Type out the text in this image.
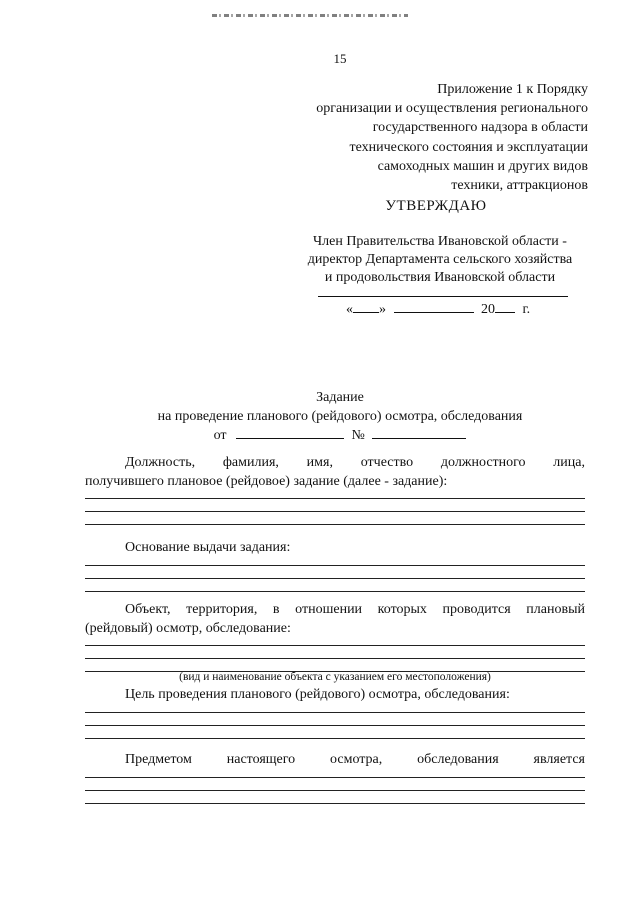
15
Приложение 1 к Порядку
организации и осуществления регионального
государственного надзора в области
технического состояния и эксплуатации
самоходных машин и других видов
техники, аттракционов
УТВЕРЖДАЮ
Член Правительства Ивановской области -
директор Департамента сельского хозяйства
и продовольствия Ивановской области
« »	20 г.
Задание
на проведение планового (рейдового) осмотра, обследования
от	№
Должность, фамилия, имя, отчество должностного лица,
получившего плановое (рейдовое) задание (далее - задание):
Основание выдачи задания:
Объект, территория, в отношении которых проводится плановый
(рейдовый) осмотр, обследование:
(вид и наименование объекта с указанием его местоположения)
Цель проведения планового (рейдового) осмотра, обследования:
Предметом настоящего осмотра, обследования является
